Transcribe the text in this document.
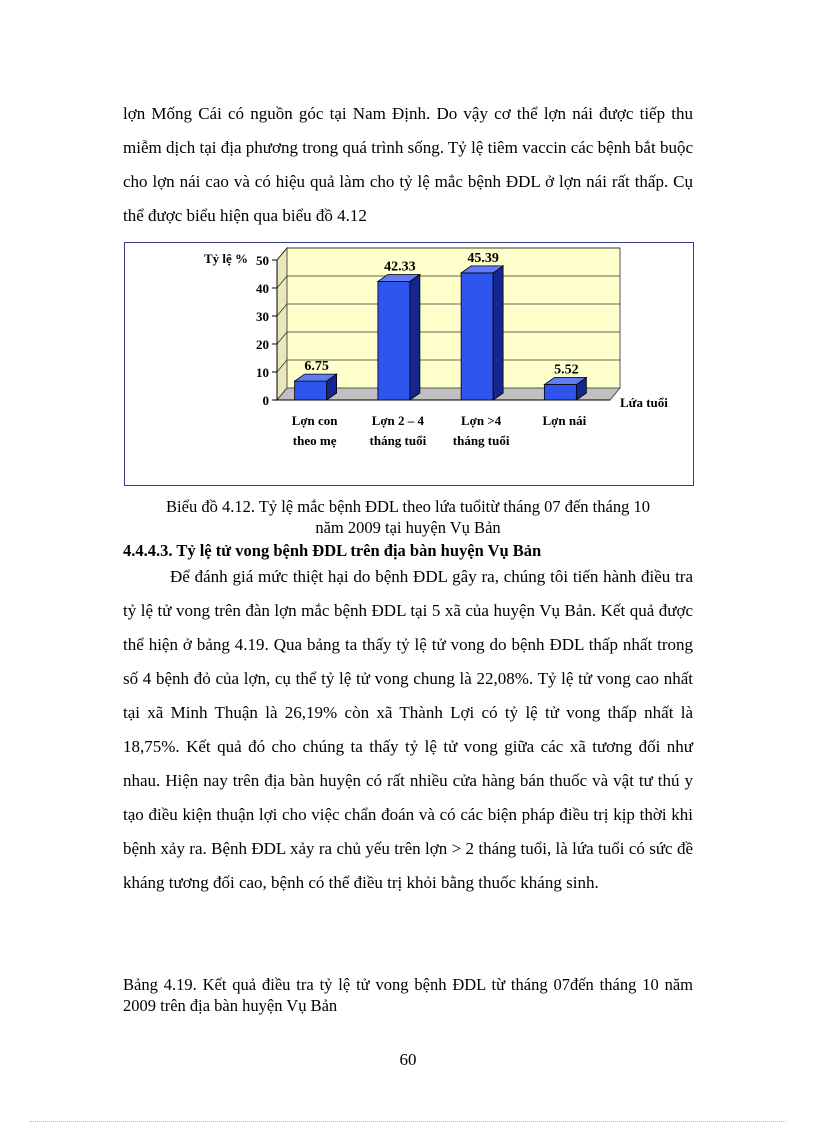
lợn Mống Cái có nguồn góc tại Nam Định. Do vậy cơ thể lợn nái được tiếp thu miễm dịch tại địa phương trong quá trình sống. Tỷ lệ tiêm vaccin các bệnh bắt buộc cho lợn nái cao và có hiệu quả làm cho tỷ lệ mắc bệnh ĐDL ở lợn nái rất thấp. Cụ thể được biểu hiện qua biểu đồ 4.12

0
10
20
30
40
50
6.75
Lợn con
theo mẹ
42.33
Lợn 2 – 4
tháng tuổi
45.39
Lợn >4
tháng tuổi
5.52
Lợn nái
Tỷ lệ %
Lứa tuổi

Biểu đồ 4.12. Tỷ lệ mắc bệnh ĐDL theo lứa tuổitừ tháng 07 đến tháng 10
năm 2009 tại huyện Vụ Bản

4.4.4.3. Tỷ lệ tử vong bệnh ĐDL trên địa bàn huyện Vụ Bản

Để đánh giá mức thiệt hại do bệnh ĐDL gây ra, chúng tôi tiến hành điều tra tỷ lệ tử vong trên đàn lợn mắc bệnh ĐDL tại 5 xã của huyện Vụ Bản. Kết quả được thể hiện ở bảng 4.19. Qua bảng ta thấy tỷ lệ tử vong do bệnh ĐDL thấp nhất trong số 4 bệnh đỏ của lợn, cụ thể tỷ lệ tử vong chung là 22,08%. Tỷ lệ tử vong cao nhất tại xã Minh Thuận là 26,19% còn xã Thành Lợi có tỷ lệ tử vong thấp nhất là 18,75%. Kết quả đó cho chúng ta thấy tỷ lệ tử vong giữa các xã tương đối như nhau. Hiện nay trên địa bàn huyện có rất nhiều cửa hàng bán thuốc và vật tư thú y tạo điều kiện thuận lợi cho việc chẩn đoán và có các biện pháp điều trị kịp thời khi bệnh xảy ra. Bệnh ĐDL xảy ra chủ yếu trên lợn > 2 tháng tuổi, là lứa tuổi có sức đề kháng tương đối cao, bệnh có thể điều trị khỏi bằng thuốc kháng sinh.

Bảng 4.19. Kết quả điều tra tỷ lệ tử vong bệnh ĐDL từ tháng 07đến tháng 10 năm 2009 trên địa bàn huyện Vụ Bản

60
